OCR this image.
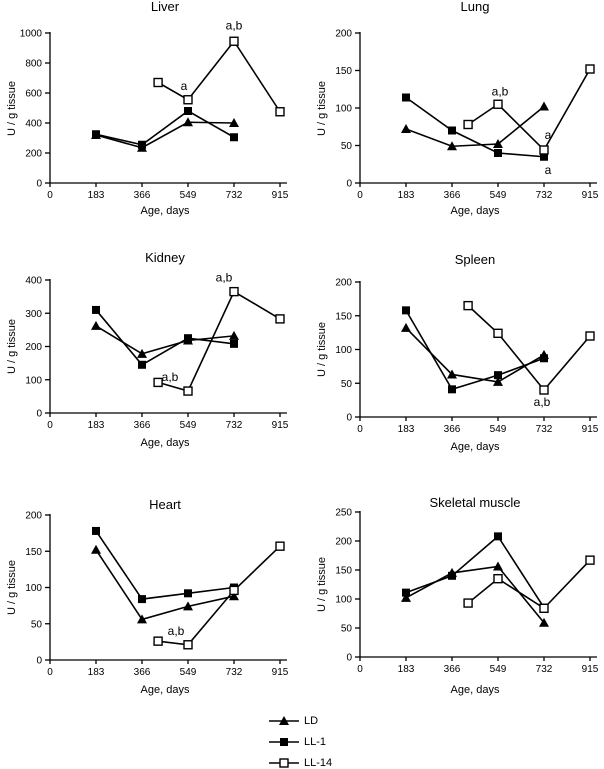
0
200
400
600
800
1000
0	183	366	549	732	915
a
a,b
Liver
U / g tissue
Age, days
0
50
100
150
200
0	183	366	549	732	915
a,b
a
a
Lung
U / g tissue
Age, days
0
100
200
300
400
0	183	366	549	732	915
a,b
a,b
Kidney
U / g tissue
Age, days
0
50
100
150
200
0	183	366	549	732	915
a,b
Spleen
U / g tissue
Age, days
0
50
100
150
200
0	183	366	549	732	915
a,b
Heart
U / g tissue
Age, days
0
50
100
150
200
250
0	183	366	549	732	915
Skeletal muscle
U / g tissue
Age, days
LD
LL-1
LL-14
